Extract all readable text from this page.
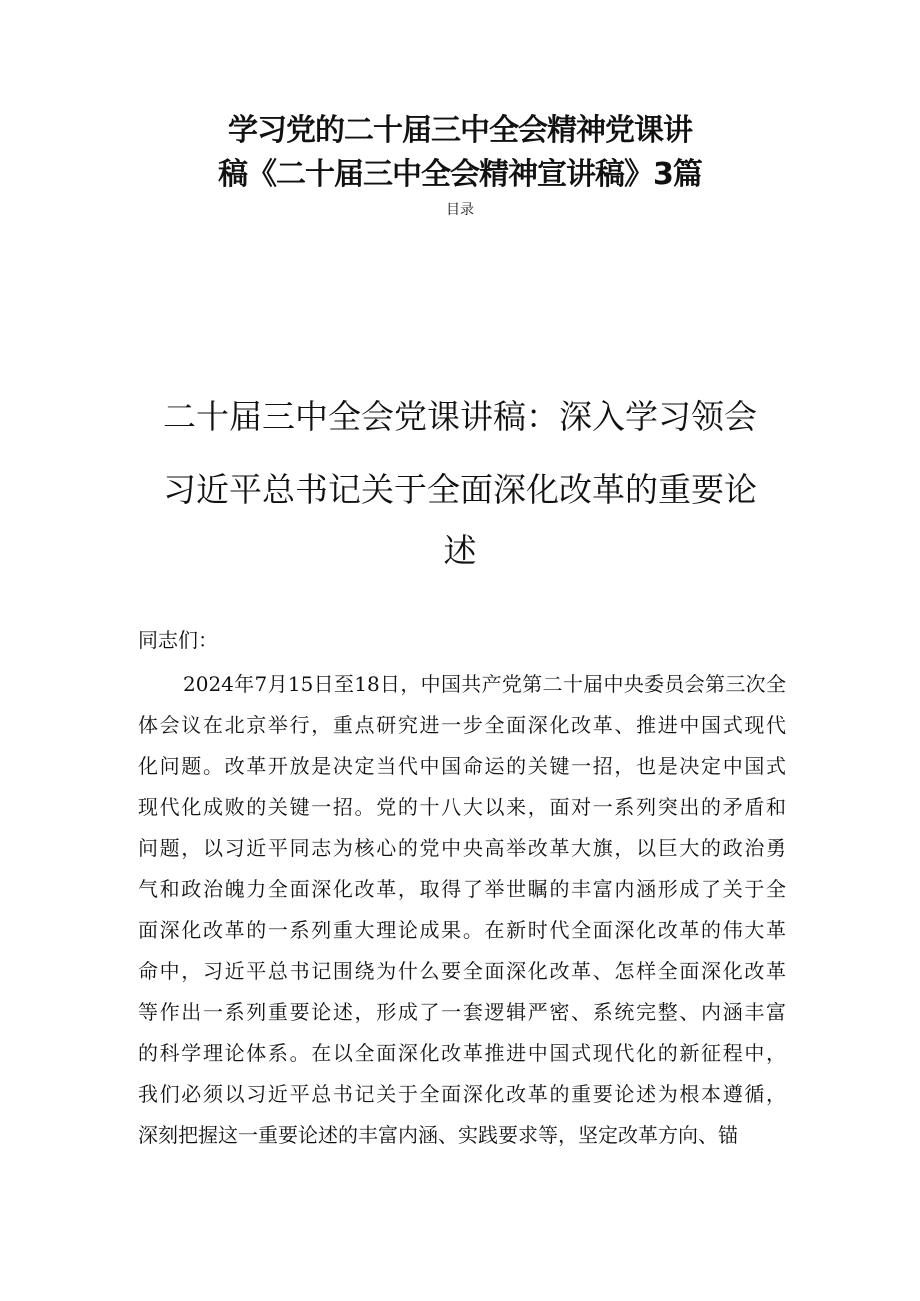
学习党的二十届三中全会精神党课讲
稿《二十届三中全会精神宣讲稿》3篇
目录
二十届三中全会党课讲稿：深入学习领会
习近平总书记关于全面深化改革的重要论
述
同志们：
2024年7月15日至18日，中国共产党第二十届中央委员会第三次全
体会议在北京举行，重点研究进一步全面深化改革、推进中国式现代
化问题。改革开放是决定当代中国命运的关键一招，也是决定中国式
现代化成败的关键一招。党的十八大以来，面对一系列突出的矛盾和
问题，以习近平同志为核心的党中央高举改革大旗，以巨大的政治勇
气和政治魄力全面深化改革，取得了举世瞩的丰富内涵形成了关于全
面深化改革的一系列重大理论成果。在新时代全面深化改革的伟大革
命中，习近平总书记围绕为什么要全面深化改革、怎样全面深化改革
等作出一系列重要论述，形成了一套逻辑严密、系统完整、内涵丰富
的科学理论体系。在以全面深化改革推进中国式现代化的新征程中，
我们必须以习近平总书记关于全面深化改革的重要论述为根本遵循，
深刻把握这一重要论述的丰富内涵、实践要求等，坚定改革方向、锚
